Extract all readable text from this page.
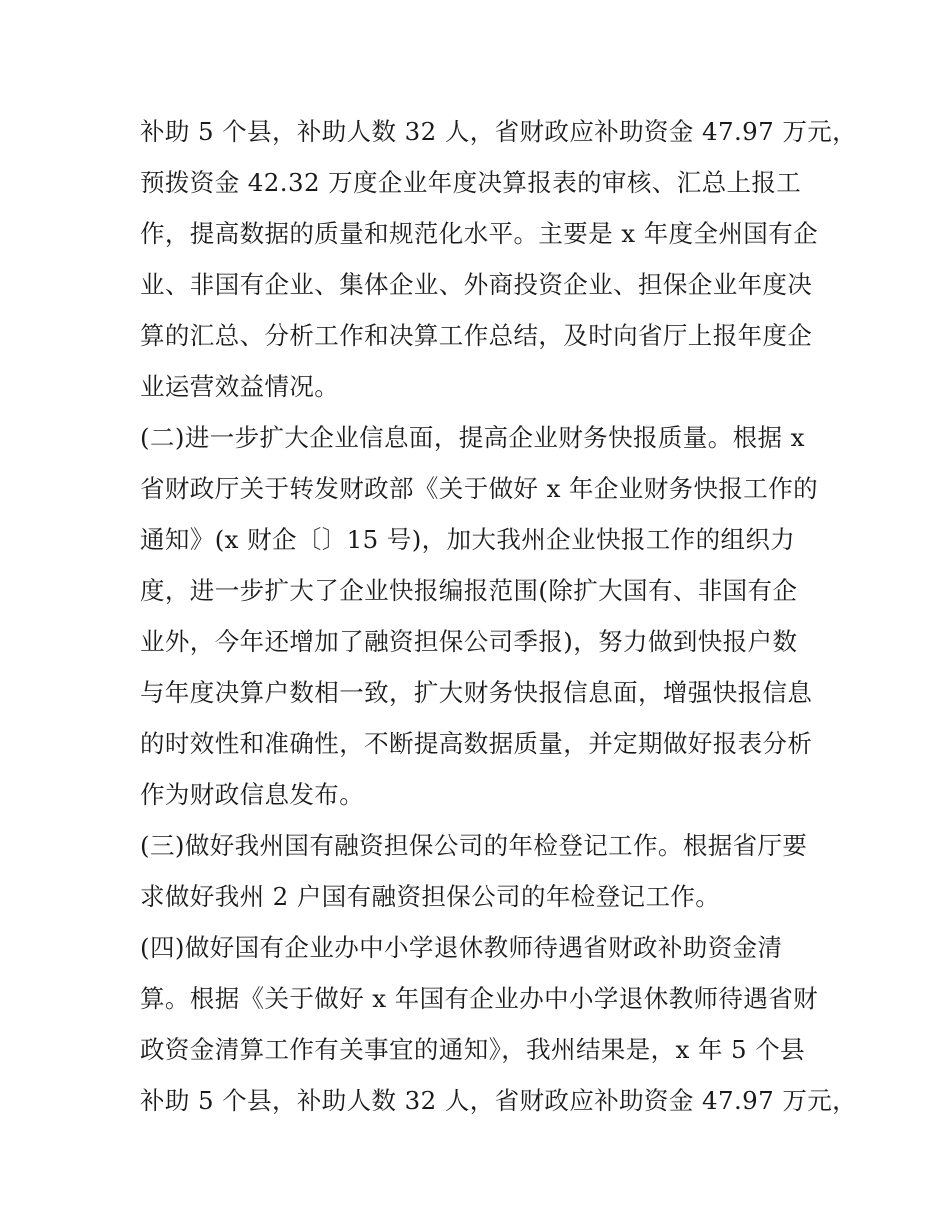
补助 5 个县，补助人数 32 人，省财政应补助资金 47.97 万元，
预拨资金 42.32 万度企业年度决算报表的审核、汇总上报工
作，提高数据的质量和规范化水平。主要是 x 年度全州国有企
业、非国有企业、集体企业、外商投资企业、担保企业年度决
算的汇总、分析工作和决算工作总结，及时向省厅上报年度企
业运营效益情况。
(二)进一步扩大企业信息面，提高企业财务快报质量。根据 x
省财政厅关于转发财政部《关于做好 x 年企业财务快报工作的
通知》(x 财企〔〕15 号)，加大我州企业快报工作的组织力
度，进一步扩大了企业快报编报范围(除扩大国有、非国有企
业外，今年还增加了融资担保公司季报)，努力做到快报户数
与年度决算户数相一致，扩大财务快报信息面，增强快报信息
的时效性和准确性，不断提高数据质量，并定期做好报表分析
作为财政信息发布。
(三)做好我州国有融资担保公司的年检登记工作。根据省厅要
求做好我州 2 户国有融资担保公司的年检登记工作。
(四)做好国有企业办中小学退休教师待遇省财政补助资金清
算。根据《关于做好 x 年国有企业办中小学退休教师待遇省财
政资金清算工作有关事宜的通知》，我州结果是，x 年 5 个县
补助 5 个县，补助人数 32 人，省财政应补助资金 47.97 万元，
